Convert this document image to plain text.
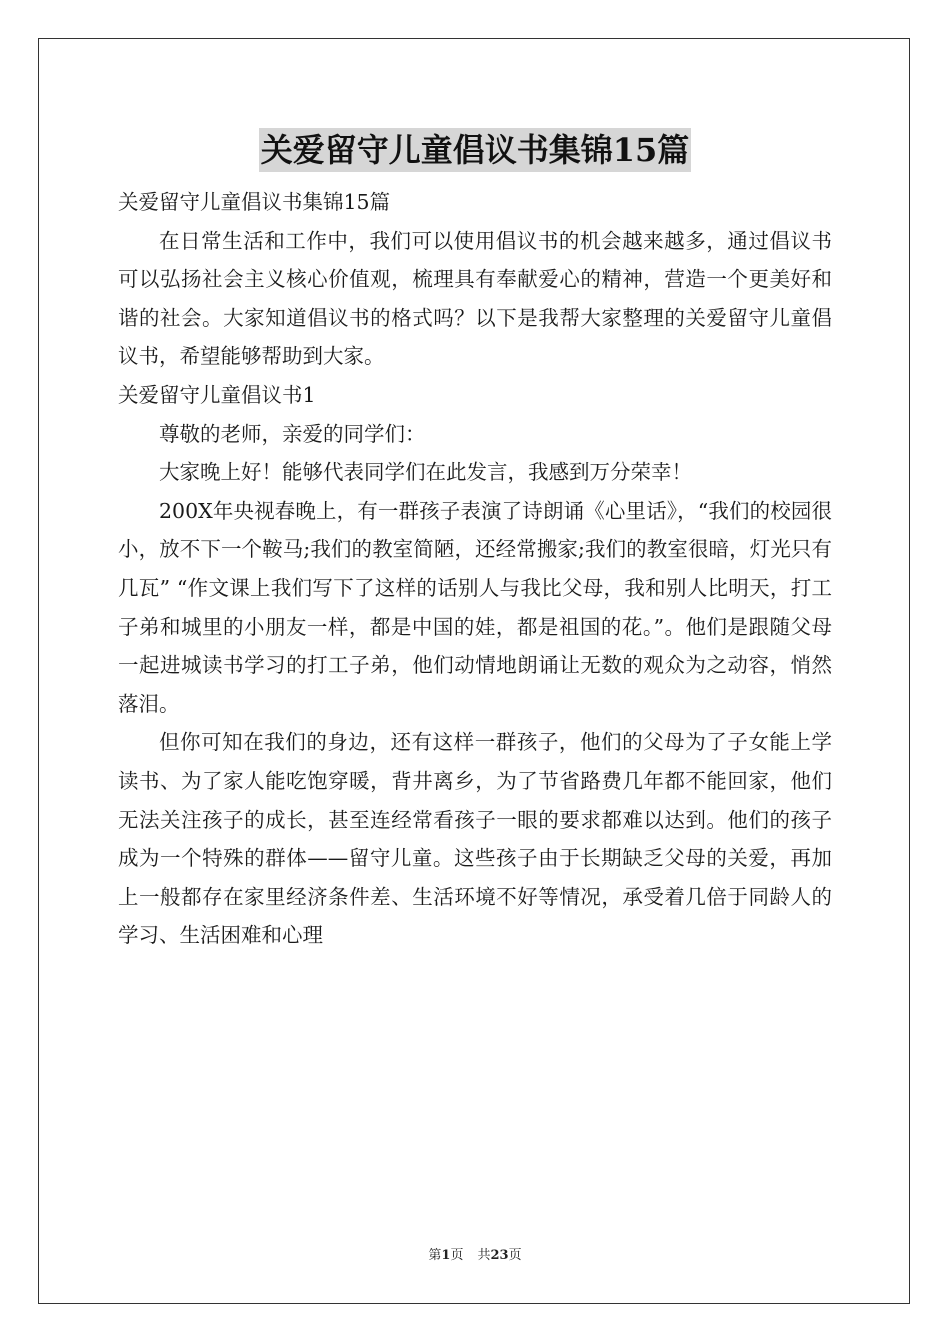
关爱留守儿童倡议书集锦15篇

关爱留守儿童倡议书集锦15篇

在日常生活和工作中，我们可以使用倡议书的机会越来越多，通过倡议书可以弘扬社会主义核心价值观，梳理具有奉献爱心的精神，营造一个更美好和谐的社会。大家知道倡议书的格式吗？以下是我帮大家整理的关爱留守儿童倡议书，希望能够帮助到大家。

关爱留守儿童倡议书1

尊敬的老师，亲爱的同学们：

大家晚上好！能够代表同学们在此发言，我感到万分荣幸！

200X年央视春晚上，有一群孩子表演了诗朗诵《心里话》，“我们的校园很小，放不下一个鞍马;我们的教室简陋，还经常搬家;我们的教室很暗，灯光只有几瓦” “作文课上我们写下了这样的话别人与我比父母，我和别人比明天，打工子弟和城里的小朋友一样，都是中国的娃，都是祖国的花。”。他们是跟随父母一起进城读书学习的打工子弟，他们动情地朗诵让无数的观众为之动容，悄然落泪。

但你可知在我们的身边，还有这样一群孩子，他们的父母为了子女能上学读书、为了家人能吃饱穿暖，背井离乡，为了节省路费几年都不能回家，他们无法关注孩子的成长，甚至连经常看孩子一眼的要求都难以达到。他们的孩子成为一个特殊的群体——留守儿童。这些孩子由于长期缺乏父母的关爱，再加上一般都存在家里经济条件差、生活环境不好等情况，承受着几倍于同龄人的学习、生活困难和心理

第1页 共23页
